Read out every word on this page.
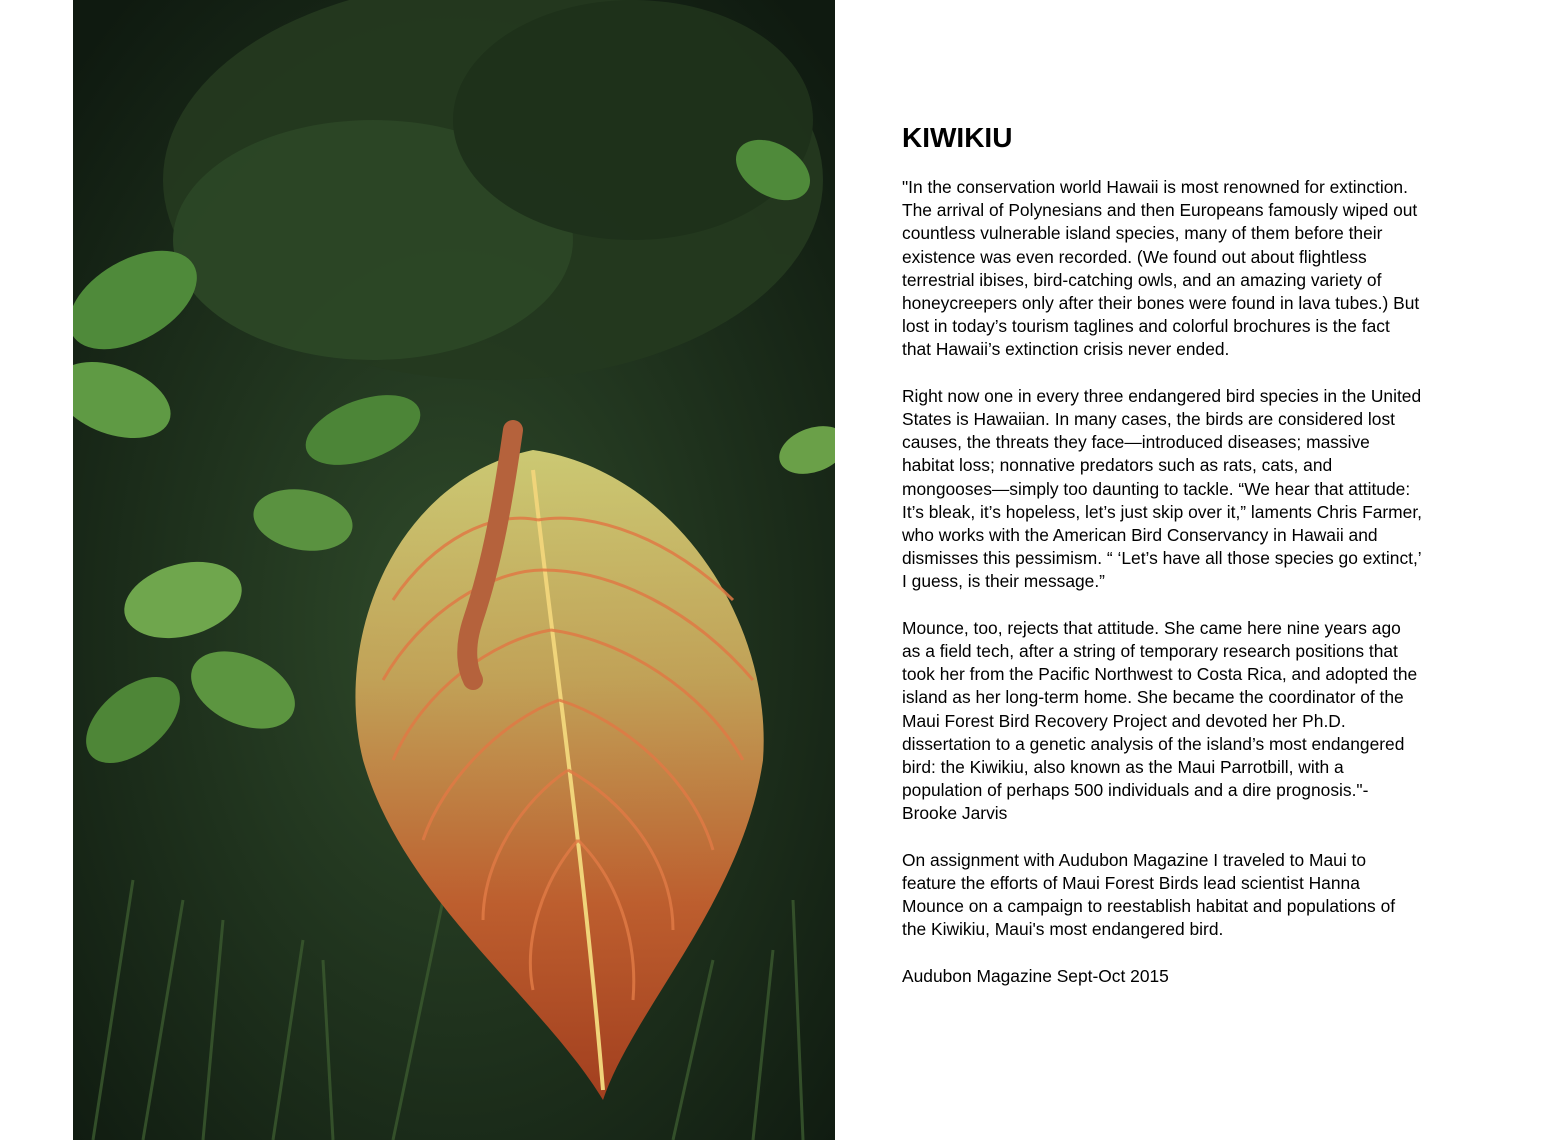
KIWIKIU
"In the conservation world Hawaii is most renowned for extinction.
The arrival of Polynesians and then Europeans famously wiped out
countless vulnerable island species, many of them before their
existence was even recorded. (We found out about flightless
terrestrial ibises, bird-catching owls, and an amazing variety of
honeycreepers only after their bones were found in lava tubes.) But
lost in today’s tourism taglines and colorful brochures is the fact
that Hawaii’s extinction crisis never ended.
Right now one in every three endangered bird species in the United
States is Hawaiian. In many cases, the birds are considered lost
causes, the threats they face—introduced diseases; massive
habitat loss; nonnative predators such as rats, cats, and
mongooses—simply too daunting to tackle. “We hear that attitude:
It’s bleak, it’s hopeless, let’s just skip over it,” laments Chris Farmer,
who works with the American Bird Conservancy in Hawaii and
dismisses this pessimism. “ ‘Let’s have all those species go extinct,’
I guess, is their message.”
Mounce, too, rejects that attitude. She came here nine years ago
as a field tech, after a string of temporary research positions that
took her from the Pacific Northwest to Costa Rica, and adopted the
island as her long-term home. She became the coordinator of the
Maui Forest Bird Recovery Project and devoted her Ph.D.
dissertation to a genetic analysis of the island’s most endangered
bird: the Kiwikiu, also known as the Maui Parrotbill, with a
population of perhaps 500 individuals and a dire prognosis."-
Brooke Jarvis
On assignment with Audubon Magazine I traveled to Maui to
feature the efforts of Maui Forest Birds lead scientist Hanna
Mounce on a campaign to reestablish habitat and populations of
the Kiwikiu, Maui's most endangered bird.
Audubon Magazine Sept-Oct 2015
